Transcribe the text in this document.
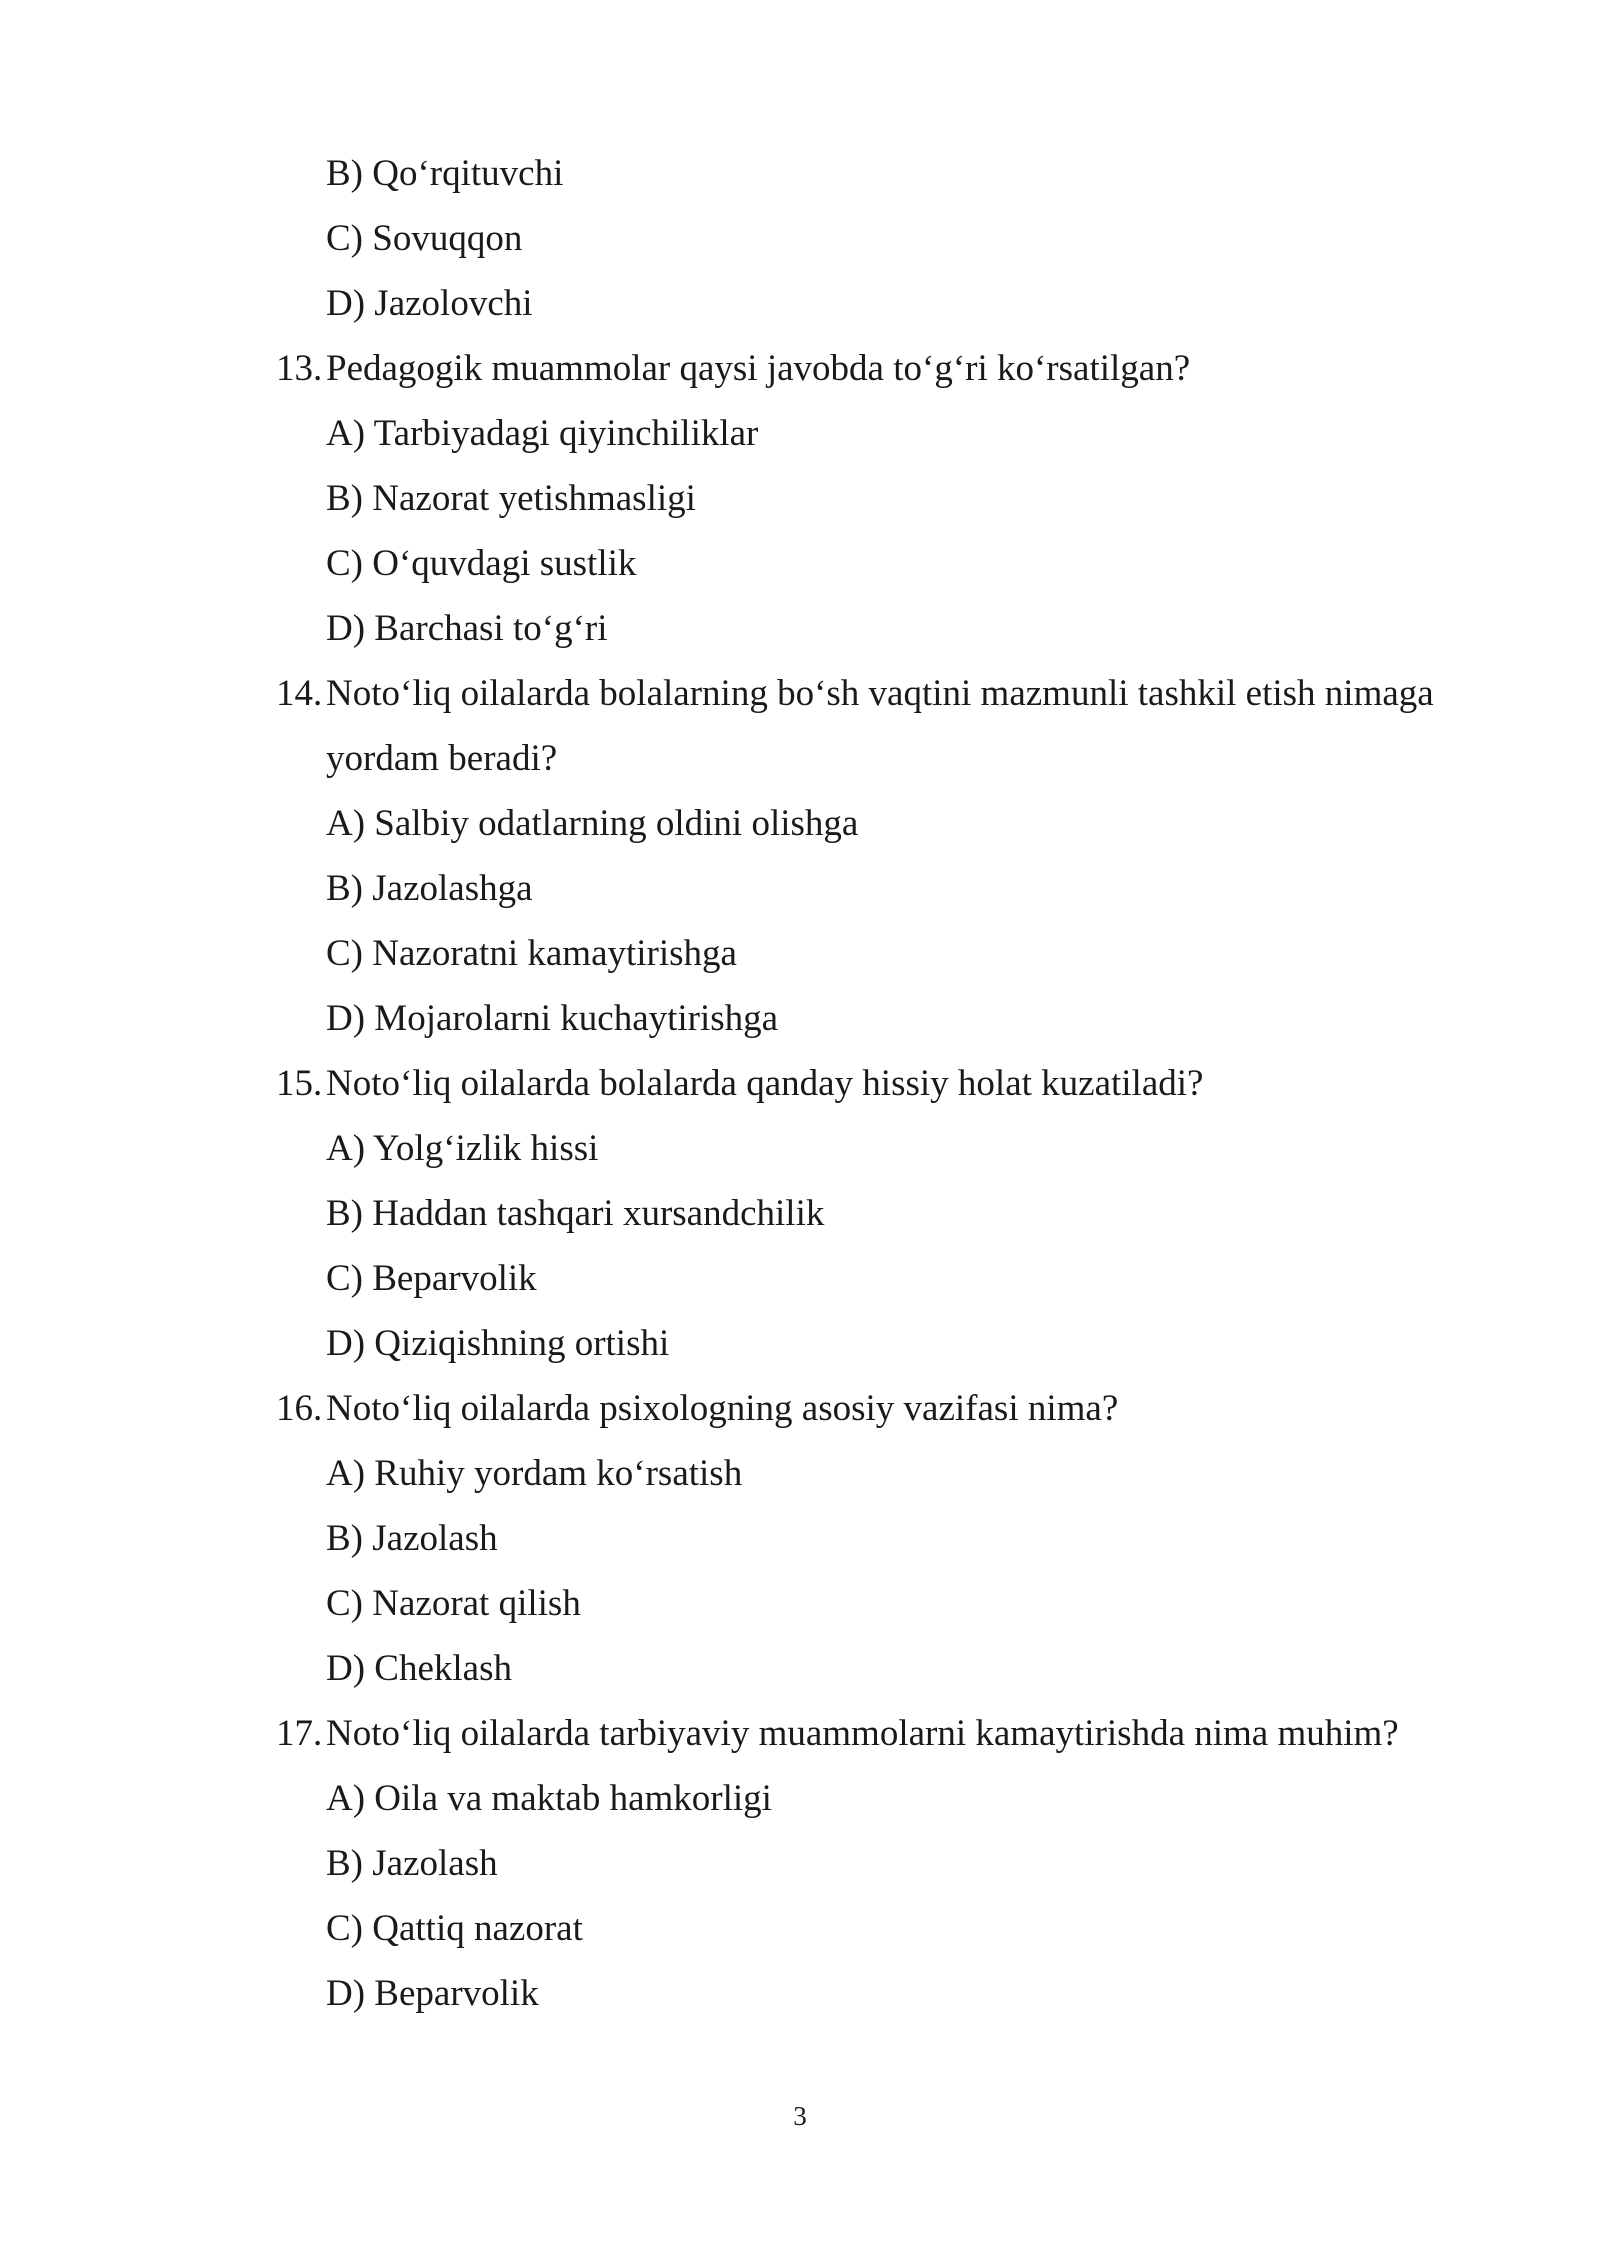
B) Qo‘rqituvchi
C) Sovuqqon
D) Jazolovchi
13. Pedagogik muammolar qaysi javobda to‘g‘ri ko‘rsatilgan?
A) Tarbiyadagi qiyinchiliklar
B) Nazorat yetishmasligi
C) O‘quvdagi sustlik
D) Barchasi to‘g‘ri
14. Noto‘liq oilalarda bolalarning bo‘sh vaqtini mazmunli tashkil etish nimaga
yordam beradi?
A) Salbiy odatlarning oldini olishga
B) Jazolashga
C) Nazoratni kamaytirishga
D) Mojarolarni kuchaytirishga
15. Noto‘liq oilalarda bolalarda qanday hissiy holat kuzatiladi?
A) Yolg‘izlik hissi
B) Haddan tashqari xursandchilik
C) Beparvolik
D) Qiziqishning ortishi
16. Noto‘liq oilalarda psixologning asosiy vazifasi nima?
A) Ruhiy yordam ko‘rsatish
B) Jazolash
C) Nazorat qilish
D) Cheklash
17. Noto‘liq oilalarda tarbiyaviy muammolarni kamaytirishda nima muhim?
A) Oila va maktab hamkorligi
B) Jazolash
C) Qattiq nazorat
D) Beparvolik
3
